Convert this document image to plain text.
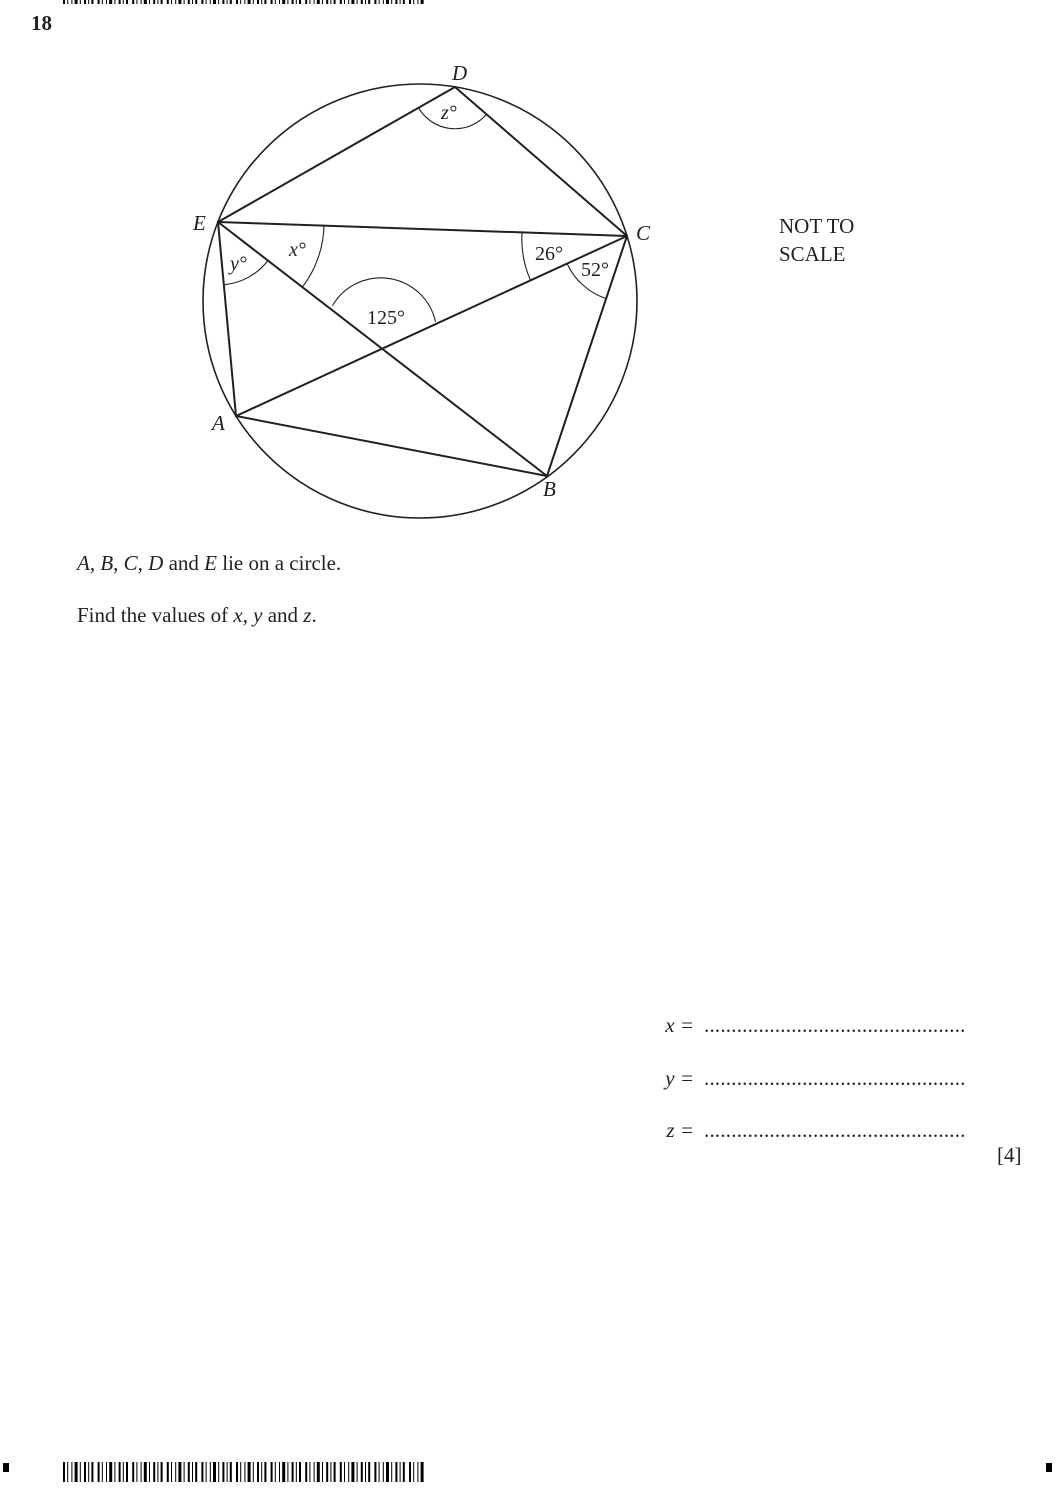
18
D
E	C
A
B
z°
y°
x°	26°
52°
125°
NOT TO
SCALE
A, B, C, D and E lie on a circle.
Find the values of x, y and z.
x = ................................................
y = ................................................
z = ................................................
[4]
